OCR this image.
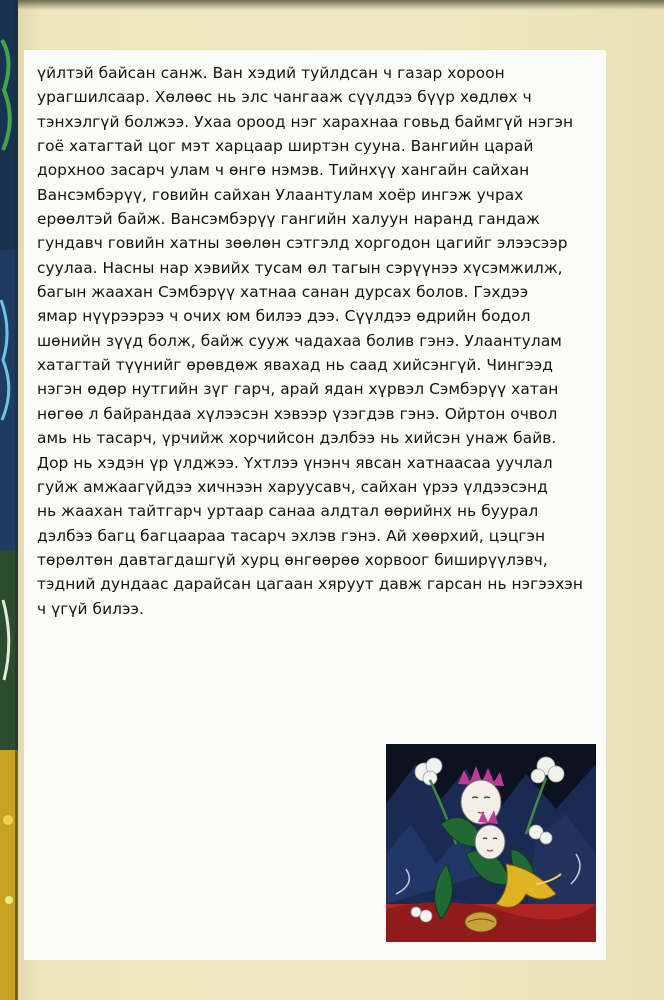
үйлтэй байсан санж. Ван хэдий туйлдсан ч газар хороон
урагшилсаар. Хөлөөс нь элс чангааж сүүлдээ бүүр хөдлөх ч
тэнхэлгүй болжээ. Ухаа ороод нэг харахнаа говьд баймгүй нэгэн
гоё хатагтай цог мэт харцаар ширтэн сууна. Вангийн царай
дорхноо засарч улам ч өнгө нэмэв. Тийнхүү хангайн сайхан
Вансэмбэрүү, говийн сайхан Улаантулам хоёр ингэж учрах
ерөөлтэй байж. Вансэмбэрүү гангийн халуун наранд гандаж
гундавч говийн хатны зөөлөн сэтгэлд хоргодон цагийг элээсээр
суулаа. Насны нар хэвийх тусам өл тагын сэрүүнээ хүсэмжилж,
багын жаахан Сэмбэрүү хатнаа санан дурсах болов. Гэхдээ
ямар нүүрээрээ ч очих юм билээ дээ. Сүүлдээ өдрийн бодол
шөнийн зүүд болж, байж сууж чадахаа болив гэнэ. Улаантулам
хатагтай түүнийг өрөвдөж явахад нь саад хийсэнгүй. Чингээд
нэгэн өдөр нутгийн зүг гарч, арай ядан хүрвэл Сэмбэрүү хатан
нөгөө л байрандаа хүлээсэн хэвээр үзэгдэв гэнэ. Ойртон очвол
амь нь тасарч, үрчийж хорчийсон дэлбээ нь хийсэн унаж байв.
Дор нь хэдэн үр үлджээ. Үхтлээ үнэнч явсан хатнаасаа уучлал
гуйж амжаагүйдээ хичнээн харуусавч, сайхан үрээ үлдээсэнд
нь жаахан тайтгарч уртаар санаа алдтал өөрийнх нь буурал
дэлбээ багц багцаараа тасарч эхлэв гэнэ. Ай хөөрхий, цэцгэн
төрөлтөн давтагдашгүй хурц өнгөөрөө хорвоог биширүүлэвч,
тэдний дундаас дарайсан цагаан хяруут давж гарсан нь нэгээхэн
ч үгүй билээ.
